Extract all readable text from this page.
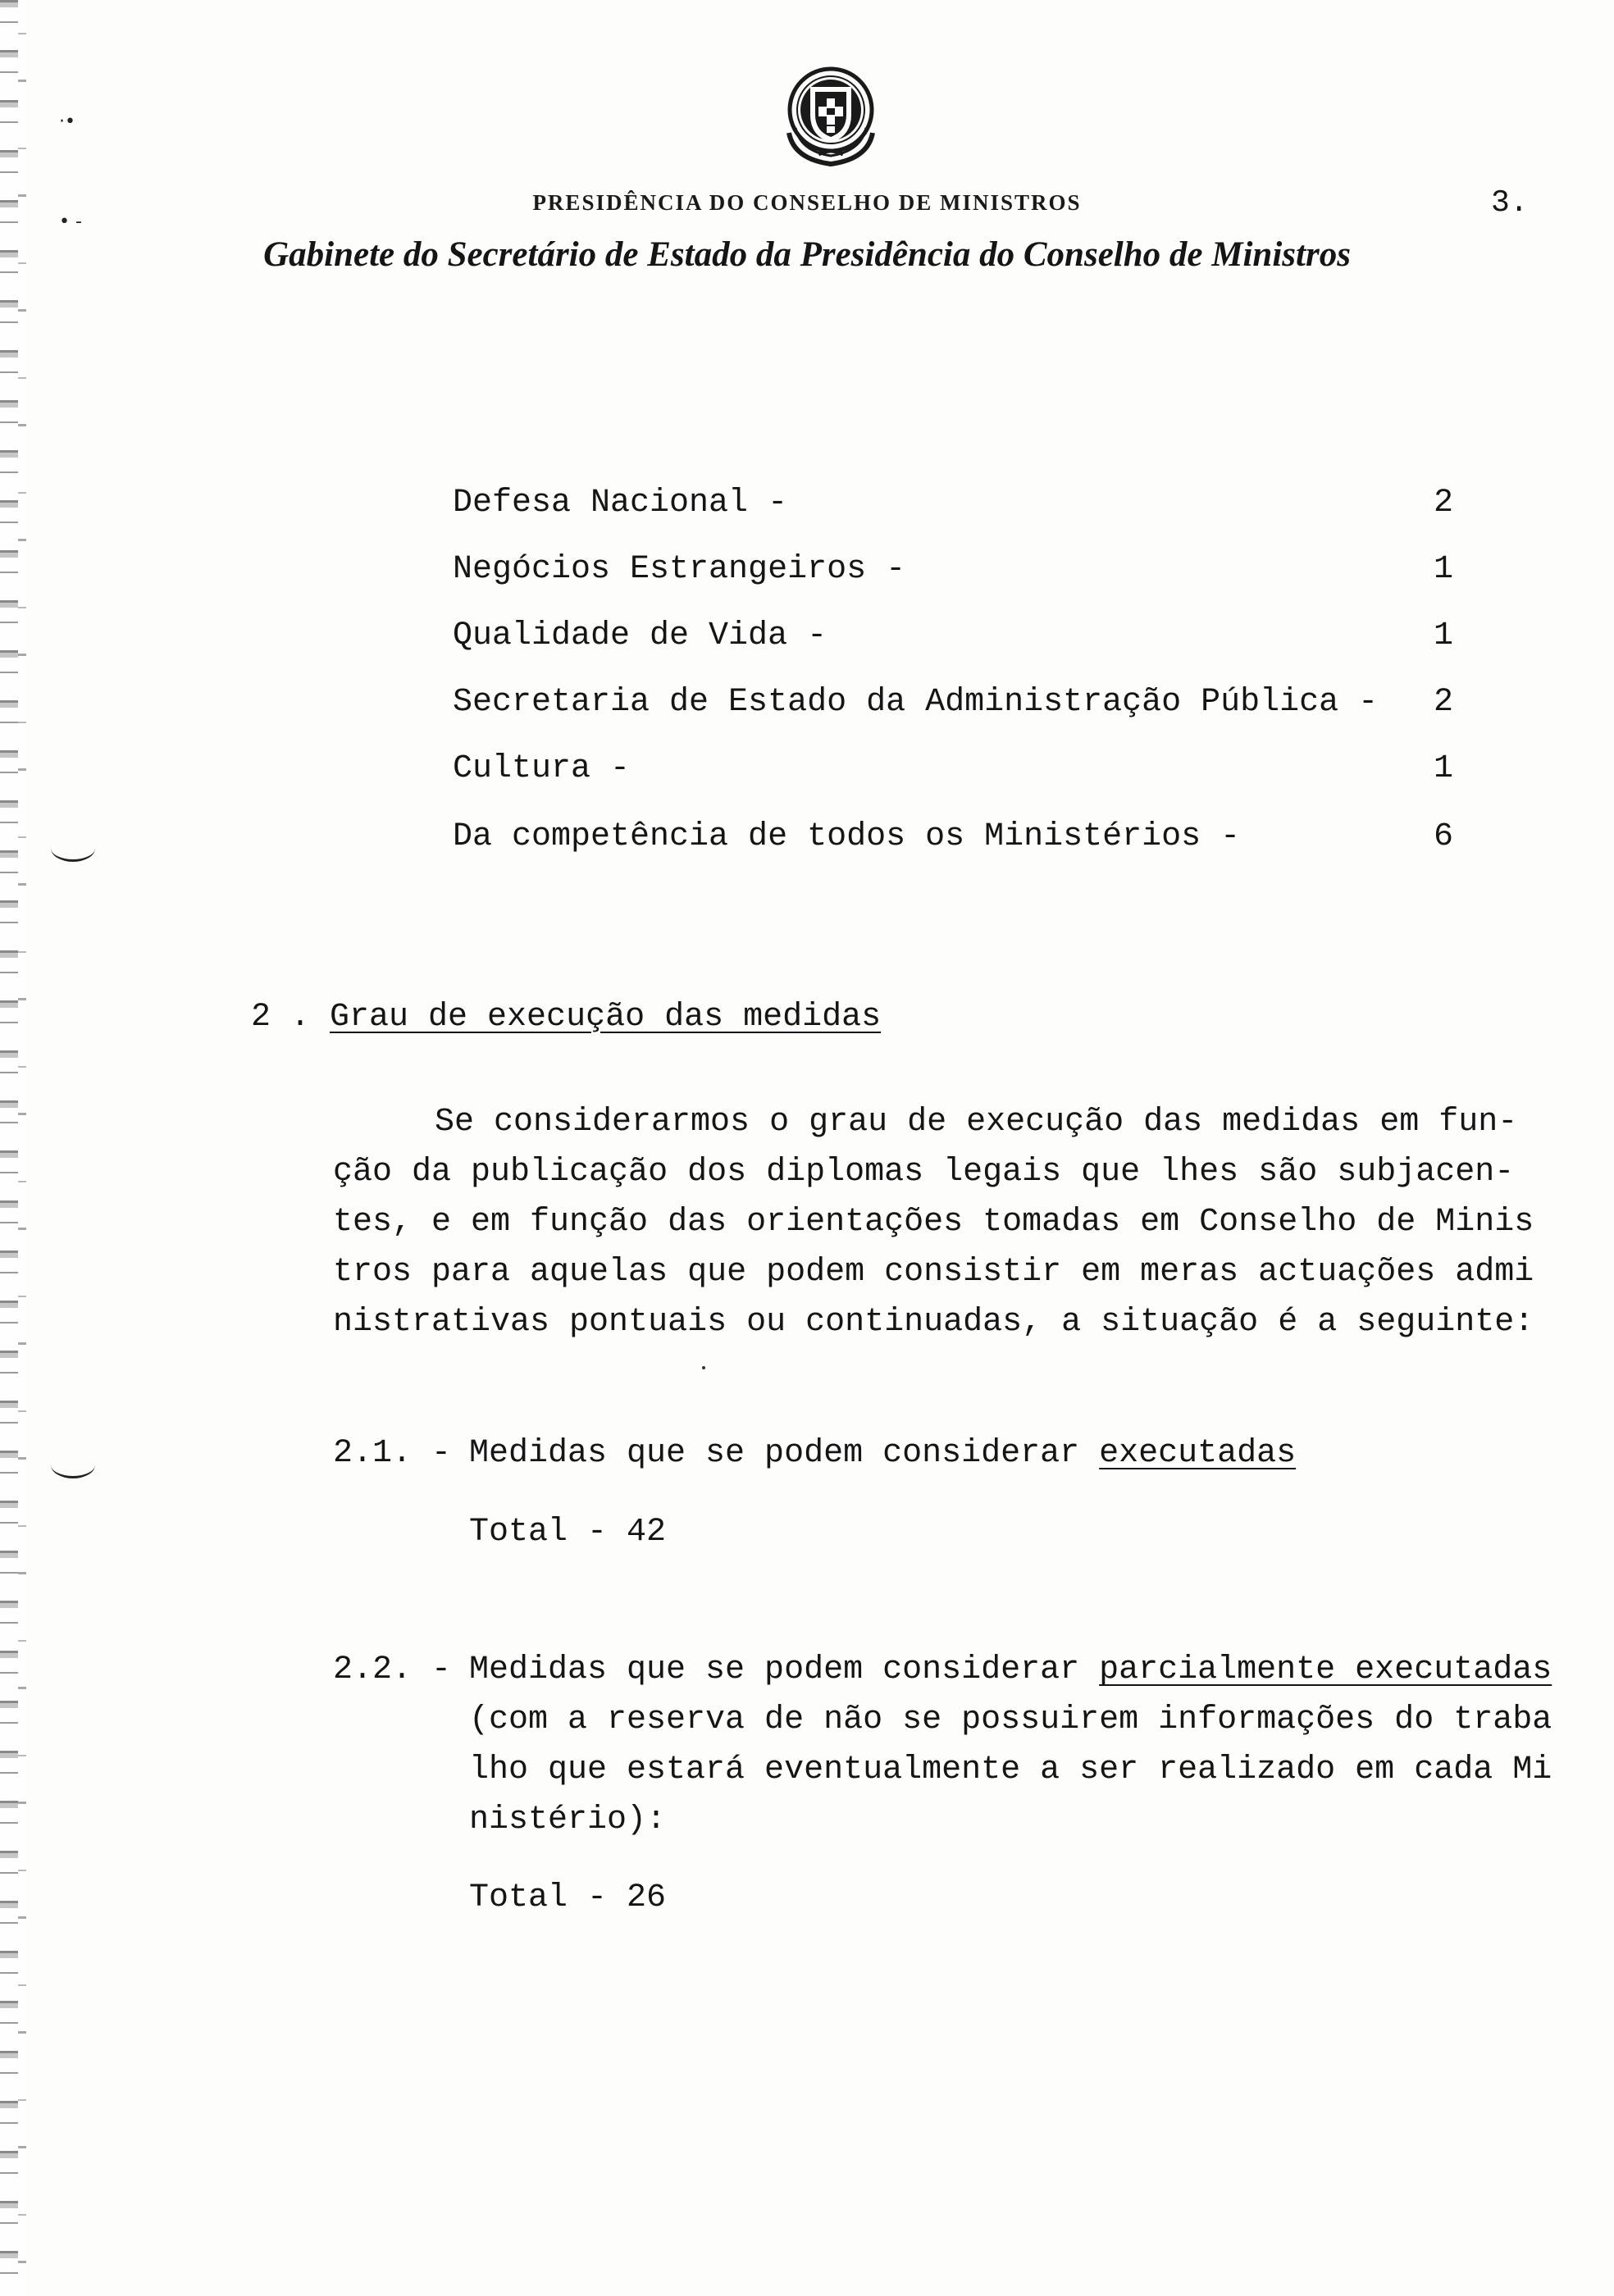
·•
• -
PRESIDÊNCIA DO CONSELHO DE MINISTROS
Gabinete do Secretário de Estado da Presidência do Conselho de Ministros
3.
Defesa Nacional -	2
Negócios Estrangeiros -	1
Qualidade de Vida -	1
Secretaria de Estado da Administração Pública - 2
Cultura -	1
Da competência de todos os Ministérios -	6
2 . Grau de execução das medidas
Se considerarmos o grau de execução das medidas em fun-
ção da publicação dos diplomas legais que lhes são subjacen-
tes, e em função das orientações tomadas em Conselho de Minis
tros para aquelas que podem consistir em meras actuações admi
nistrativas pontuais ou continuadas, a situação é a seguinte:
2.1. -
Medidas que se podem considerar executadas
Total - 42
2.2. -
Medidas que se podem considerar parcialmente executadas
(com a reserva de não se possuirem informações do traba
lho que estará eventualmente a ser realizado em cada Mi
nistério):
Total - 26
